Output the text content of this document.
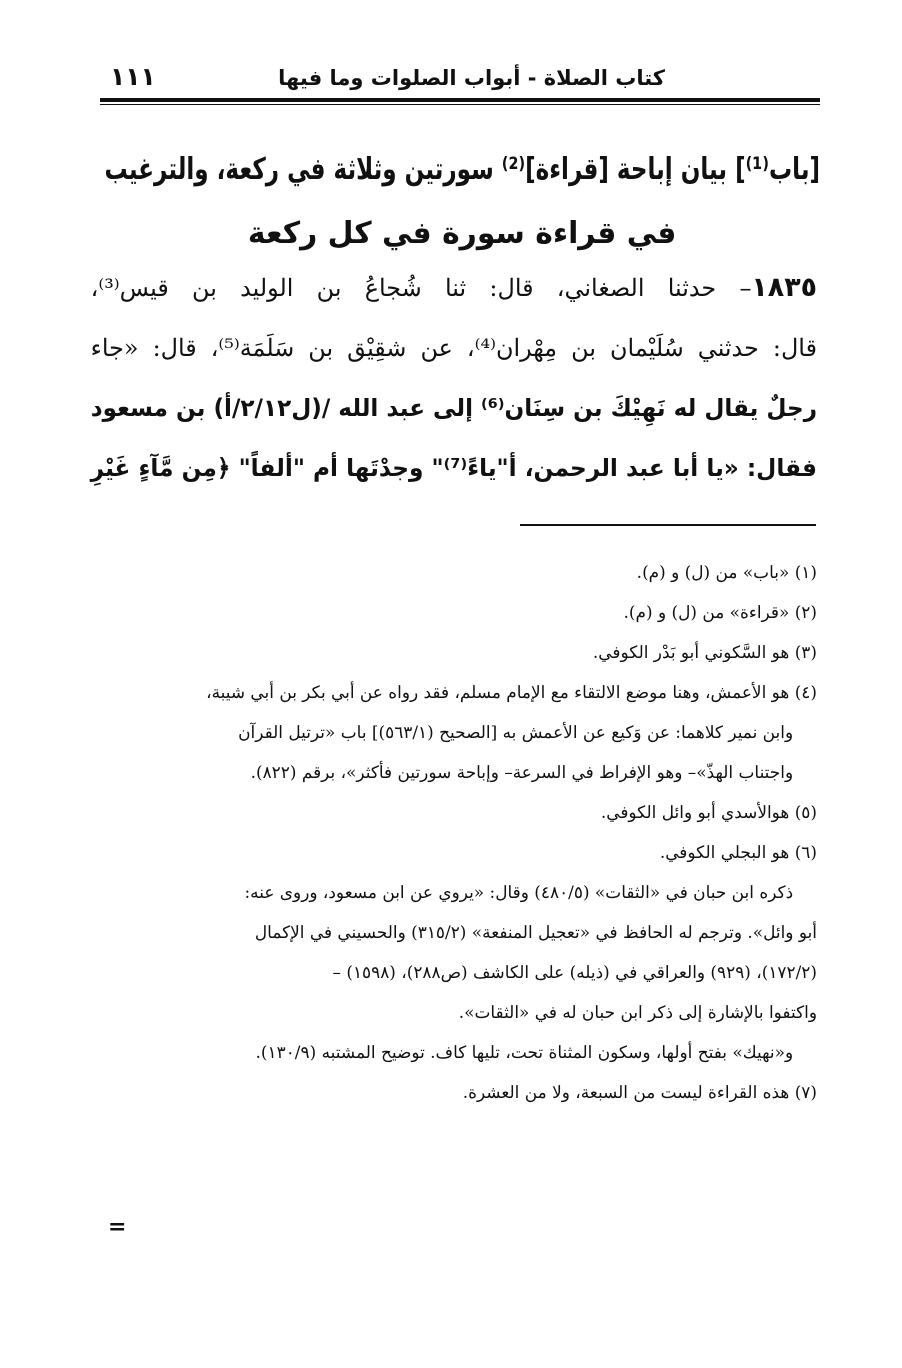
كتاب الصلاة - أبواب الصلوات وما فيها
١١١
[باب⁽¹⁾] بيان إباحة [قراءة]⁽²⁾ سورتين وثلاثة في ركعة، والترغيب
في قراءة سورة في كل ركعة
١٨٣٥– حدثنا الصغاني، قال: ثنا شُجاعُ بن الوليد بن قيس⁽³⁾،
قال: حدثني سُلَيْمان بن مِهْران⁽⁴⁾، عن شقِيْق بن سَلَمَة⁽⁵⁾، قال: «جاء
رجلٌ يقال له نَهِيْكَ بن سِنَان⁽⁶⁾ إلى عبد الله /(ل٢/١٢/أ) بن مسعود
فقال: «يا أبا عبد الرحمن، أ"ياءً⁽⁷⁾" وجدْتَها أم "ألفاً" ﴿مِن مَّآءٍ غَيْرِ
(١) «باب» من (ل) و (م).
(٢) «قراءة» من (ل) و (م).
(٣) هو السَّكوني أبو بَدْر الكوفي.
(٤) هو الأعمش، وهنا موضع الالتقاء مع الإمام مسلم، فقد رواه عن أبي بكر بن أبي شيبة،
وابن نمير كلاهما: عن وَكيع عن الأعمش به [الصحيح (٥٦٣/١)] باب «ترتيل القرآن
واجتناب الهذّ»– وهو الإفراط في السرعة– وإباحة سورتين فأكثر»، برقم (٨٢٢).
(٥) هوالأسدي أبو وائل الكوفي.
(٦) هو البجلي الكوفي.
ذكره ابن حبان في «الثقات» (٤٨٠/٥) وقال: «يروي عن ابن مسعود، وروى عنه:
أبو وائل». وترجم له الحافظ في «تعجيل المنفعة» (٣١٥/٢) والحسيني في الإكمال
(١٧٢/٢)، (٩٢٩) والعراقي في (ذيله) على الكاشف (ص٢٨٨)، (١٥٩٨) –
واكتفوا بالإشارة إلى ذكر ابن حبان له في «الثقات».
و«نهيك» بفتح أولها، وسكون المثناة تحت، تليها كاف. توضيح المشتبه (١٣٠/٩).
(٧) هذه القراءة ليست من السبعة، ولا من العشرة.
=
